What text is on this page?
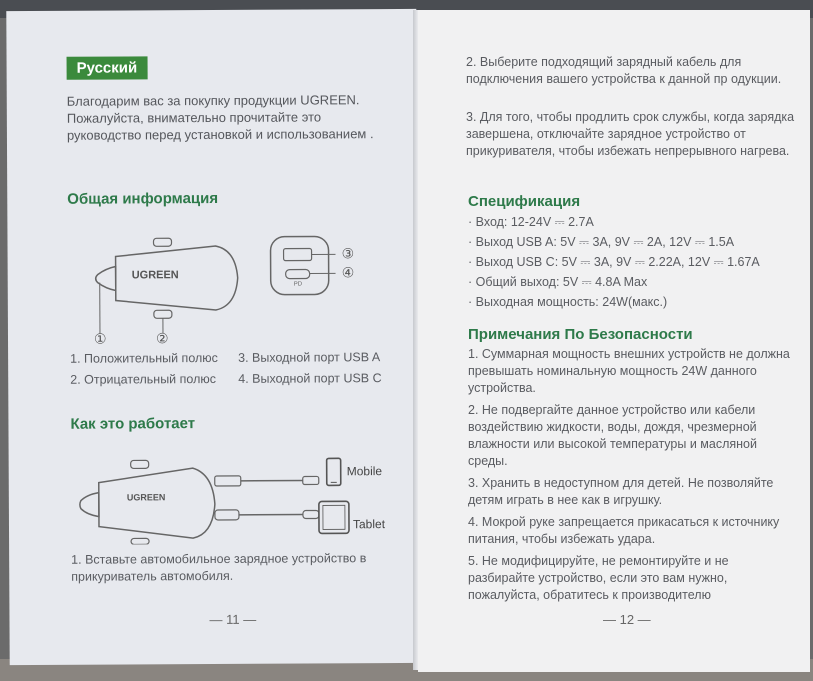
Русский
Благодарим вас за покупку продукции UGREEN. Пожалуйста, внимательно прочитайте это руководство перед установкой и использованием .
Общая информация
UGREEN
PD
③
④
①	②
1. Положительный полюс
2. Отрицательный полюс
3. Выходной порт USB A
4. Выходной порт USB C
Как это работает
UGREEN
Mobile
Tablet
1. Вставьте автомобильное зарядное устройство в прикуриватель автомобиля.
— 11 —
2. Выберите подходящий зарядный кабель для подключения вашего устройства к данной пр одукции.
3. Для того, чтобы продлить срок службы, когда зарядка завершена, отключайте зарядное устройство от прикуривателя, чтобы избежать непрерывного нагрева.
Спецификация
· Вход: 12-24V ⎓ 2.7A
· Выход USB A: 5V ⎓ 3A, 9V ⎓ 2A, 12V ⎓ 1.5A
· Выход USB C: 5V ⎓ 3A, 9V ⎓ 2.22A, 12V ⎓ 1.67A
· Общий выход: 5V ⎓ 4.8A Max
· Выходная мощность: 24W(макс.)
Примечания По Безопасности
1. Суммарная мощность внешних устройств не должна превышать номинальную мощность 24W данного устройства.
2. Не подвергайте данное устройство или кабели воздействию жидкости, воды, дождя, чрезмерной влажности или высокой температуры и масляной среды.
3. Хранить в недоступном для детей. Не позволяйте детям играть в нее как в игрушку.
4. Мокрой руке запрещается прикасаться к источнику питания, чтобы избежать удара.
5. Не модифицируйте, не ремонтируйте и не разбирайте устройство, если это вам нужно, пожалуйста, обратитесь к производителю
— 12 —
